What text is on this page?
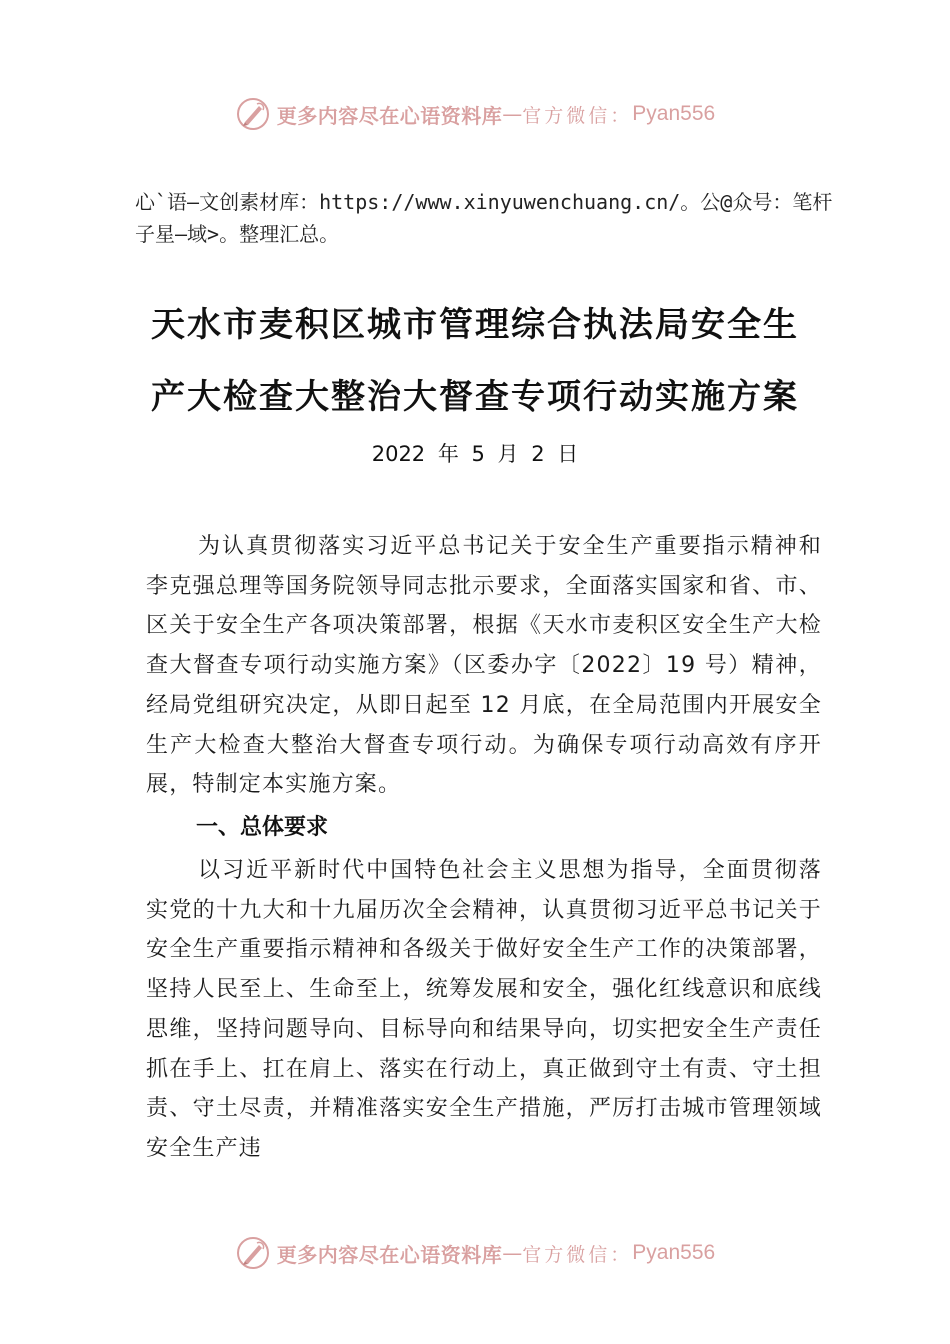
更多内容尽在心语资料库 — 官方微信： Pyan556

心`语—文创素材库：https://www.xinyuwenchuang.cn/。公@众号：笔杆子星—域>。整理汇总。

天水市麦积区城市管理综合执法局安全生
产大检查大整治大督查专项行动实施方案
2022 年 5 月 2 日

为认真贯彻落实习近平总书记关于安全生产重要指示精神和李克强总理等国务院领导同志批示要求，全面落实国家和省、市、区关于安全生产各项决策部署，根据《天水市麦积区安全生产大检查大督查专项行动实施方案》（区委办字〔2022〕19 号）精神，经局党组研究决定，从即日起至 12 月底，在全局范围内开展安全生产大检查大整治大督查专项行动。为确保专项行动高效有序开展，特制定本实施方案。

一、总体要求

以习近平新时代中国特色社会主义思想为指导，全面贯彻落实党的十九大和十九届历次全会精神，认真贯彻习近平总书记关于安全生产重要指示精神和各级关于做好安全生产工作的决策部署，坚持人民至上、生命至上，统筹发展和安全，强化红线意识和底线思维，坚持问题导向、目标导向和结果导向，切实把安全生产责任抓在手上、扛在肩上、落实在行动上，真正做到守土有责、守土担责、守土尽责，并精准落实安全生产措施，严厉打击城市管理领域安全生产违

更多内容尽在心语资料库 — 官方微信： Pyan556
